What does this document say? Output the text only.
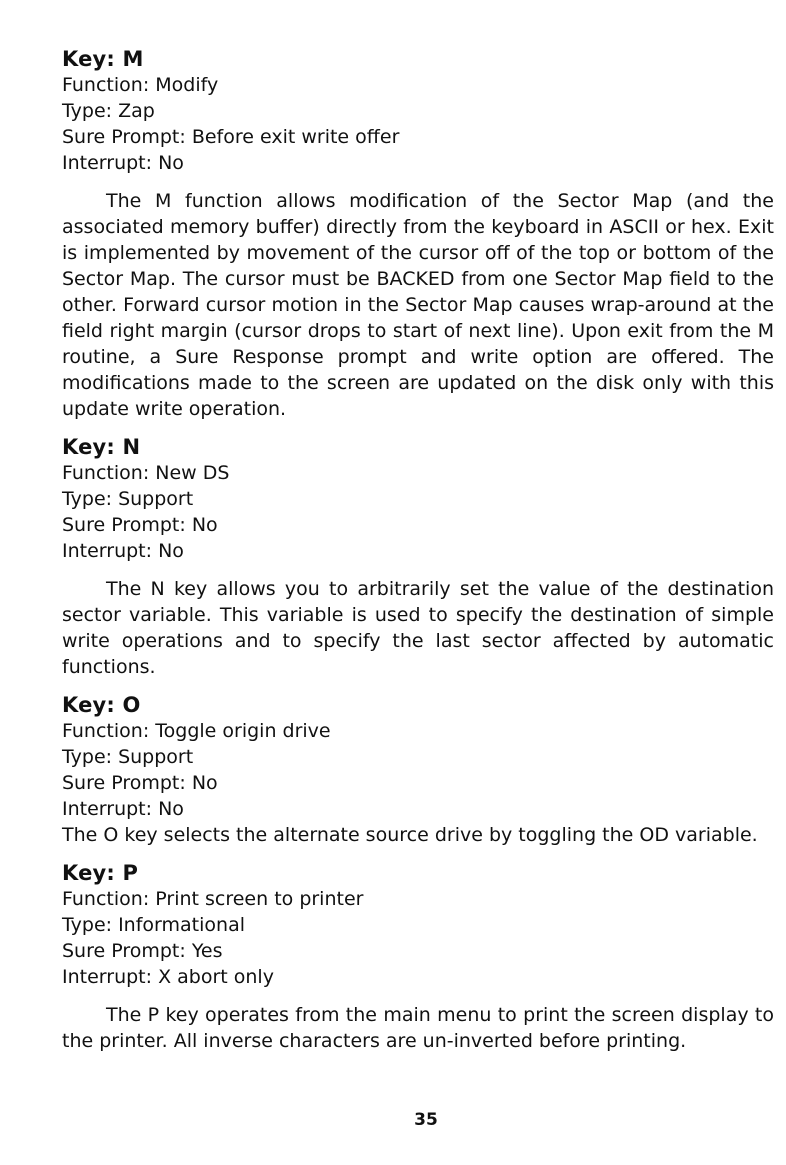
Key: M

Function: Modify

Type: Zap

Sure Prompt: Before exit write offer

Interrupt: No

The M function allows modification of the Sector Map (and the associated memory buffer) directly from the keyboard in ASCII or hex. Exit is implemented by movement of the cursor off of the top or bottom of the Sector Map. The cursor must be BACKED from one Sector Map field to the other. Forward cursor motion in the Sector Map causes wrap-around at the field right margin (cursor drops to start of next line). Upon exit from the M routine, a Sure Response prompt and write option are offered. The modifications made to the screen are updated on the disk only with this update write operation.

Key: N

Function: New DS

Type: Support

Sure Prompt: No

Interrupt: No

The N key allows you to arbitrarily set the value of the destination sector variable. This variable is used to specify the destination of simple write operations and to specify the last sector affected by automatic functions.

Key: O

Function: Toggle origin drive

Type: Support

Sure Prompt: No

Interrupt: No

The O key selects the alternate source drive by toggling the OD variable.

Key: P

Function: Print screen to printer

Type: Informational

Sure Prompt: Yes

Interrupt: X abort only

The P key operates from the main menu to print the screen display to the printer. All inverse characters are un-inverted before printing.

35
